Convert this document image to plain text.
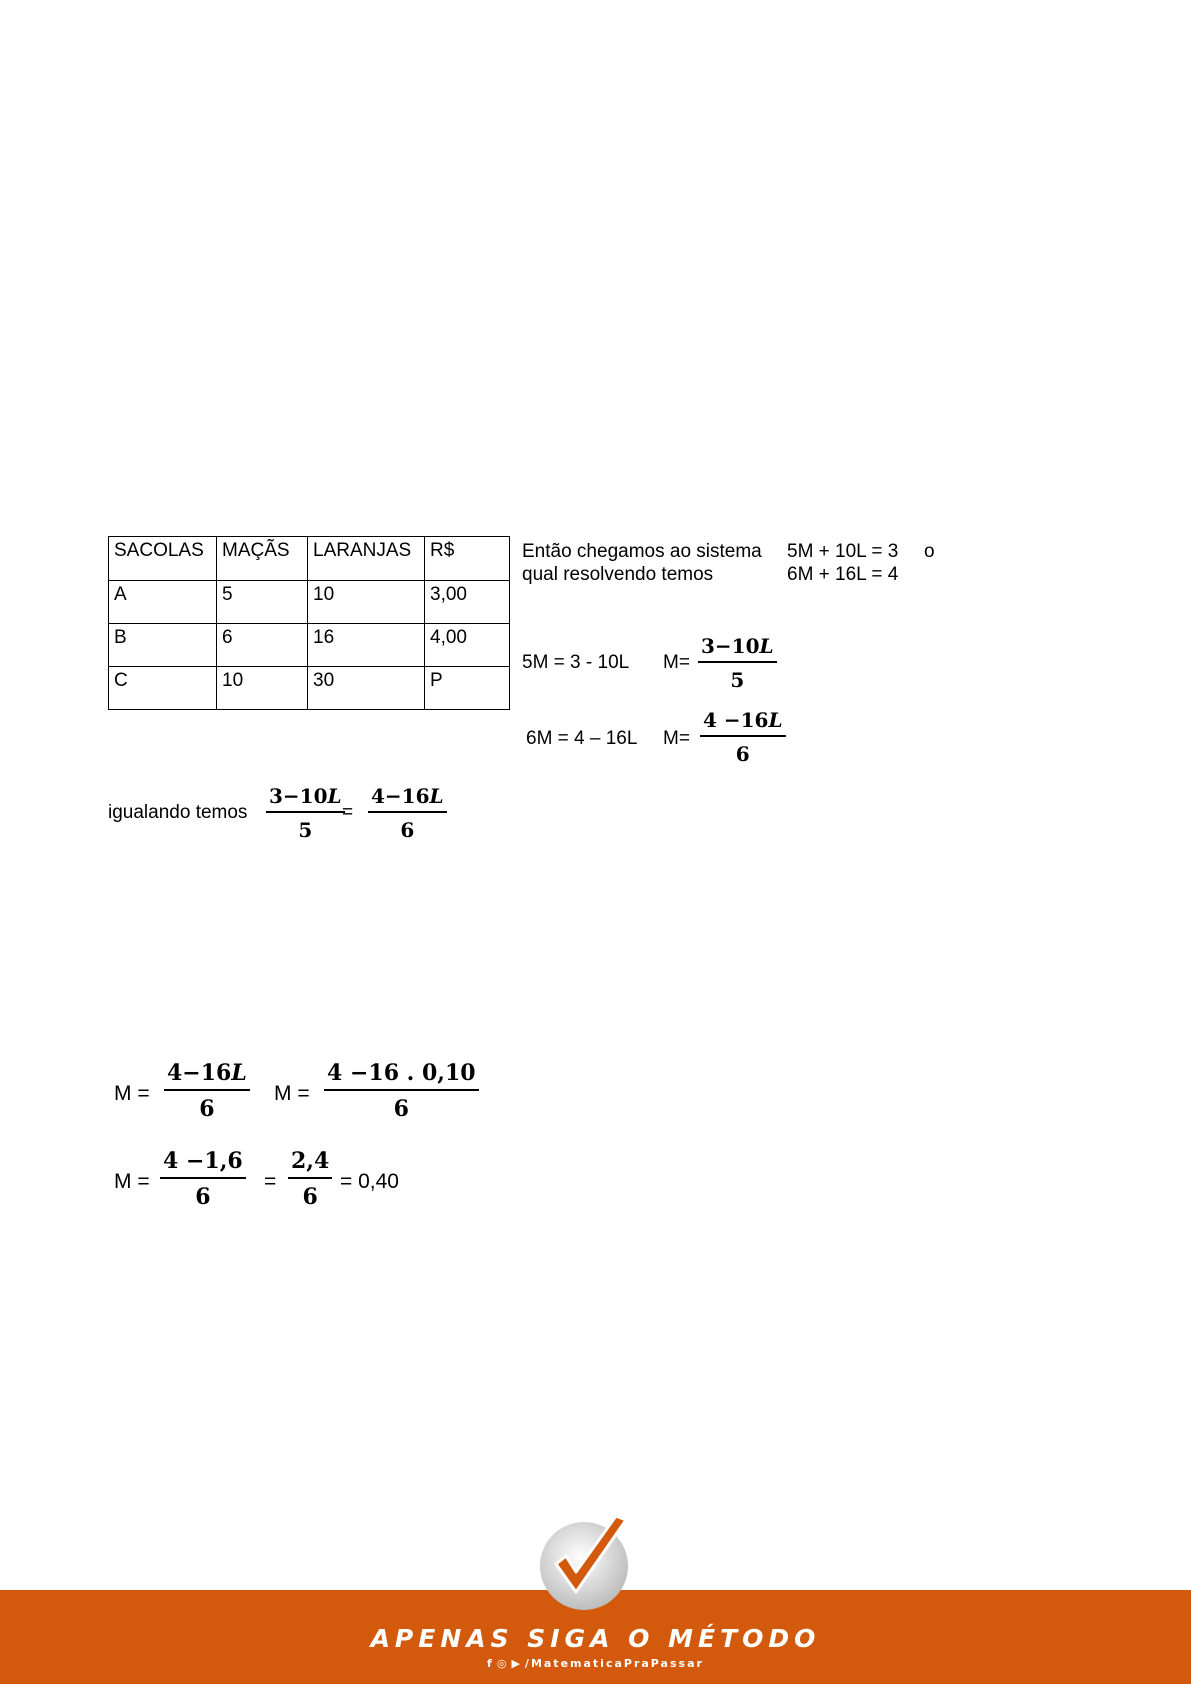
SACOLAS	MAÇÃS	LARANJAS	R$
A	5	10	3,00
B	6	16	4,00
C	10	30	P
Então chegamos ao sistema
qual resolvendo temos
5M + 10L = 3
6M + 16L = 4
o
5M = 3 - 10L $M= \frac{3-10L}{5}$
6M = 4 – 16L $M= \frac{4 -16L}{6}$
igualando temos $\frac{3-10L}{5}$
= $\frac{4-16L}{6}$
$M = \frac{4-16L}{6}$ $M = \frac{4 -16 . 0,10}{6}$
$M = \frac{4 -1,6}{6} = \frac{2,4}{6} = 0,40$
APENAS SIGA O MÉTODO
f ◎ ▶ /MatematicaPraPassar
